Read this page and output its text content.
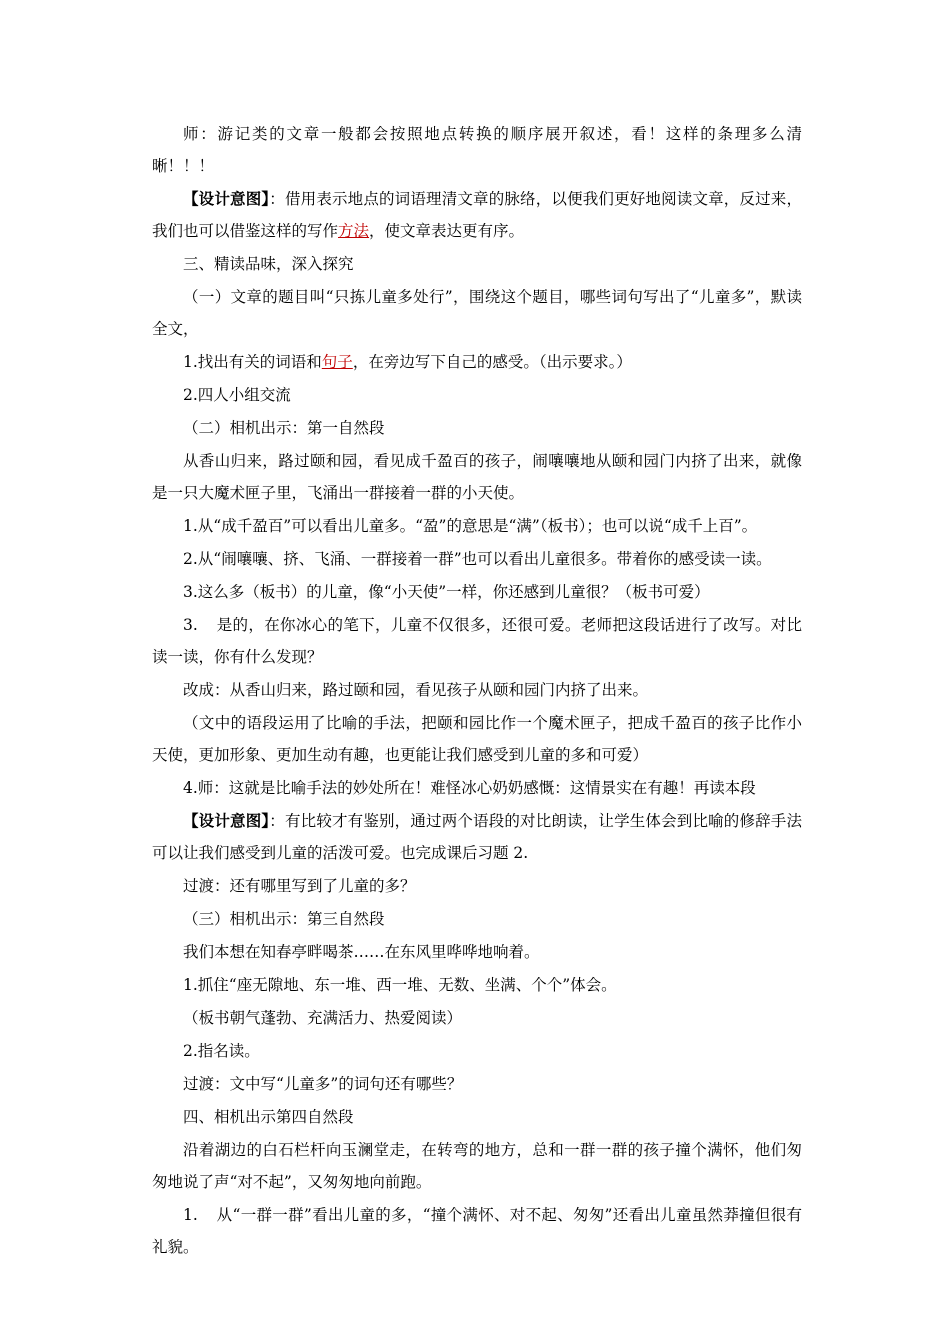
师：游记类的文章一般都会按照地点转换的顺序展开叙述，看！这样的条理多么清晰！！！

【设计意图】：借用表示地点的词语理清文章的脉络，以便我们更好地阅读文章，反过来，我们也可以借鉴这样的写作方法，使文章表达更有序。

三、精读品味，深入探究

（一）文章的题目叫“只拣儿童多处行”，围绕这个题目，哪些词句写出了“儿童多”，默读全文，

1.找出有关的词语和句子，在旁边写下自己的感受。（出示要求。）

2.四人小组交流

（二）相机出示：第一自然段

从香山归来，路过颐和园，看见成千盈百的孩子，闹嚷嚷地从颐和园门内挤了出来，就像是一只大魔术匣子里，飞涌出一群接着一群的小天使。

1.从“成千盈百”可以看出儿童多。“盈”的意思是“满”（板书）；也可以说“成千上百”。

2.从“闹嚷嚷、挤、飞涌、一群接着一群”也可以看出儿童很多。带着你的感受读一读。

3.这么多（板书）的儿童，像“小天使”一样，你还感到儿童很？（板书可爱）

3. 是的，在你冰心的笔下，儿童不仅很多，还很可爱。老师把这段话进行了改写。对比读一读，你有什么发现？

改成：从香山归来，路过颐和园，看见孩子从颐和园门内挤了出来。

（文中的语段运用了比喻的手法，把颐和园比作一个魔术匣子，把成千盈百的孩子比作小天使，更加形象、更加生动有趣，也更能让我们感受到儿童的多和可爱）

4.师：这就是比喻手法的妙处所在！难怪冰心奶奶感慨：这情景实在有趣！再读本段

【设计意图】：有比较才有鉴别，通过两个语段的对比朗读，让学生体会到比喻的修辞手法可以让我们感受到儿童的活泼可爱。也完成课后习题 2.

过渡：还有哪里写到了儿童的多？

（三）相机出示：第三自然段

我们本想在知春亭畔喝茶……在东风里哗哗地响着。

1.抓住“座无隙地、东一堆、西一堆、无数、坐满、个个”体会。

（板书朝气蓬勃、充满活力、热爱阅读）

2.指名读。

过渡：文中写“儿童多”的词句还有哪些？

四、相机出示第四自然段

沿着湖边的白石栏杆向玉澜堂走，在转弯的地方，总和一群一群的孩子撞个满怀，他们匆匆地说了声“对不起”，又匆匆地向前跑。

1. 从“一群一群”看出儿童的多，“撞个满怀、对不起、匆匆”还看出儿童虽然莽撞但很有礼貌。
